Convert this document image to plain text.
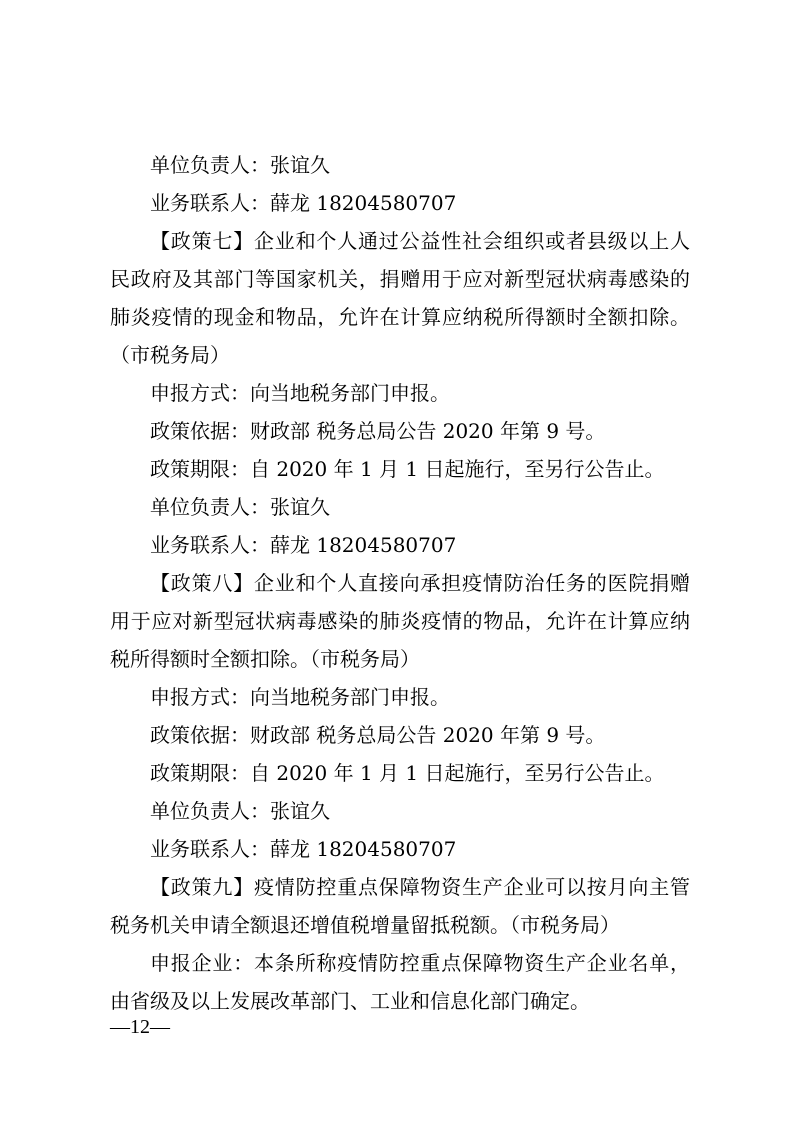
单位负责人：张谊久
业务联系人：薛龙 18204580707
【政策七】企业和个人通过公益性社会组织或者县级以上人
民政府及其部门等国家机关，捐赠用于应对新型冠状病毒感染的
肺炎疫情的现金和物品，允许在计算应纳税所得额时全额扣除。
（市税务局）
申报方式：向当地税务部门申报。
政策依据：财政部 税务总局公告 2020 年第 9 号。
政策期限：自 2020 年 1 月 1 日起施行，至另行公告止。
单位负责人：张谊久
业务联系人：薛龙 18204580707
【政策八】企业和个人直接向承担疫情防治任务的医院捐赠
用于应对新型冠状病毒感染的肺炎疫情的物品，允许在计算应纳
税所得额时全额扣除。（市税务局）
申报方式：向当地税务部门申报。
政策依据：财政部 税务总局公告 2020 年第 9 号。
政策期限：自 2020 年 1 月 1 日起施行，至另行公告止。
单位负责人：张谊久
业务联系人：薛龙 18204580707
【政策九】疫情防控重点保障物资生产企业可以按月向主管
税务机关申请全额退还增值税增量留抵税额。（市税务局）
申报企业：本条所称疫情防控重点保障物资生产企业名单，
由省级及以上发展改革部门、工业和信息化部门确定。
—12—
